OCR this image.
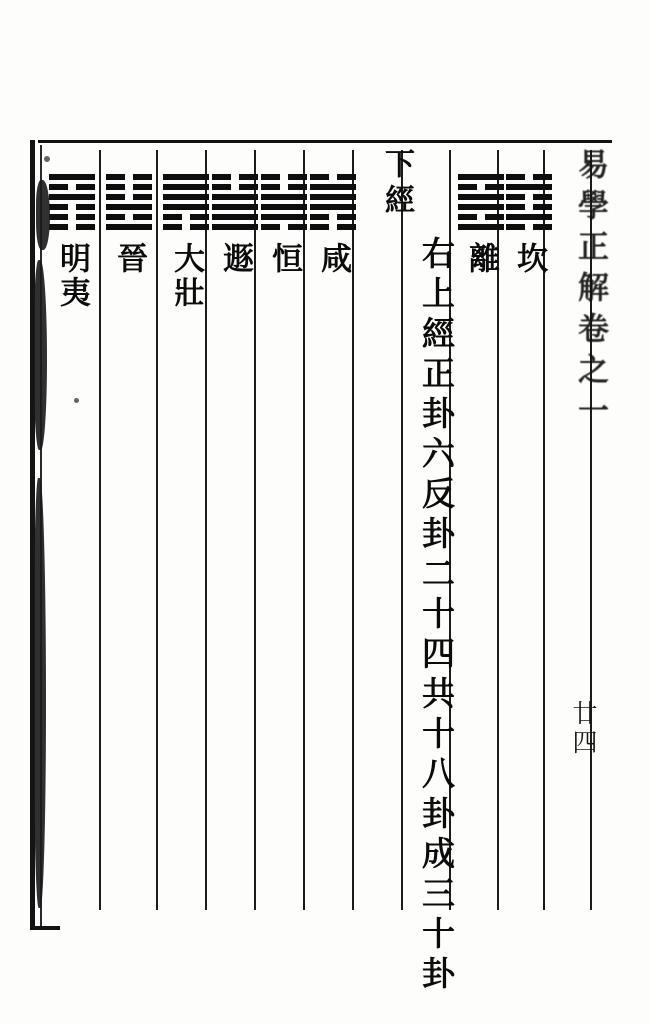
易學正解卷之一
廿四
下經
右上經正卦六反卦二十四共十八卦成三十卦 坎
離
咸
恒
遯
大壯
晉
明夷
